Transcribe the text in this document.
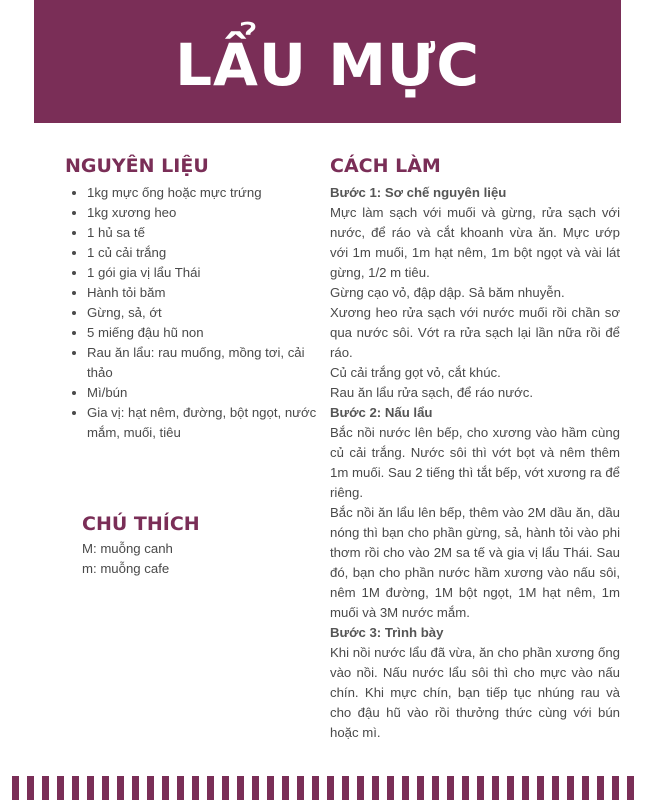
LẨU MỰC
NGUYÊN LIỆU
• 1kg mực ống hoặc mực trứng
• 1kg xương heo
• 1 hủ sa tế
• 1 củ cải trắng
• 1 gói gia vị lẩu Thái
• Hành tỏi băm
• Gừng, sả, ớt
• 5 miếng đậu hũ non
• Rau ăn lẩu: rau muống, mồng tơi, cải thảo
• Mì/bún
• Gia vị: hạt nêm, đường, bột ngọt, nước mắm, muối, tiêu
CHÚ THÍCH
M: muỗng canh
m: muỗng cafe
CÁCH LÀM

Bước 1: Sơ chế nguyên liệu

Mực làm sạch với muối và gừng, rửa sạch với nước, để ráo và cắt khoanh vừa ăn. Mực ướp với 1m muối, 1m hạt nêm, 1m bột ngọt và vài lát gừng, 1/2 m tiêu.

Gừng cạo vỏ, đập dập. Sả băm nhuyễn.

Xương heo rửa sạch với nước muối rồi chần sơ qua nước sôi. Vớt ra rửa sạch lại lần nữa rồi để ráo.

Củ cải trắng gọt vỏ, cắt khúc.

Rau ăn lẩu rửa sạch, để ráo nước.

Bước 2: Nấu lẩu

Bắc nồi nước lên bếp, cho xương vào hầm cùng củ cải trắng. Nước sôi thì vớt bọt và nêm thêm 1m muối. Sau 2 tiếng thì tắt bếp, vớt xương ra để riêng.

Bắc nồi ăn lẩu lên bếp, thêm vào 2M dầu ăn, dầu nóng thì bạn cho phần gừng, sả, hành tỏi vào phi thơm rồi cho vào 2M sa tế và gia vị lẩu Thái. Sau đó, bạn cho phần nước hầm xương vào nấu sôi, nêm 1M đường, 1M bột ngọt, 1M hạt nêm, 1m muối và 3M nước mắm.

Bước 3: Trình bày

Khi nồi nước lẩu đã vừa, ăn cho phần xương ống vào nồi. Nấu nước lẩu sôi thì cho mực vào nấu chín. Khi mực chín, bạn tiếp tục nhúng rau và cho đậu hũ vào rồi thưởng thức cùng với bún hoặc mì.
